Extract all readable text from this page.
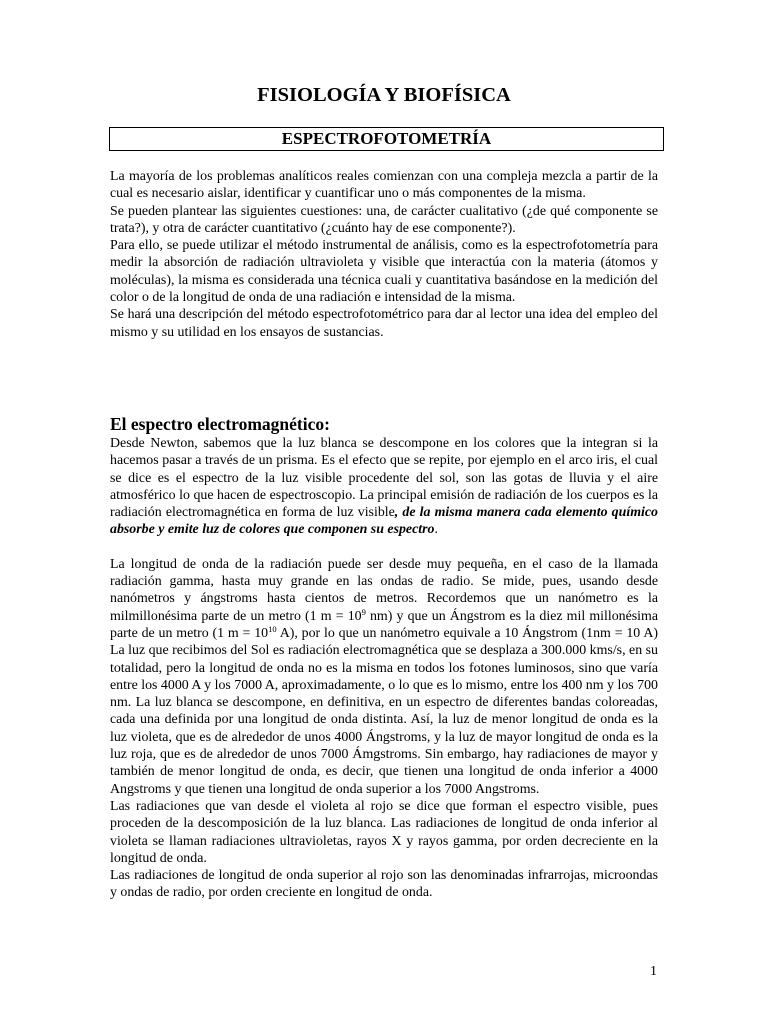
FISIOLOGÍA Y BIOFÍSICA
ESPECTROFOTOMETRÍA

La mayoría de los problemas analíticos reales comienzan con una compleja mezcla a partir de la cual es necesario aislar, identificar y cuantificar uno o más componentes de la misma.

Se pueden plantear las siguientes cuestiones: una, de carácter cualitativo (¿de qué componente se trata?), y otra de carácter cuantitativo (¿cuánto hay de ese componente?).

Para ello, se puede utilizar el método instrumental de análisis, como es la espectrofotometría para medir la absorción de radiación ultravioleta y visible que interactúa con la materia (átomos y moléculas), la misma es considerada una técnica cuali y cuantitativa basándose en la medición del color o de la longitud de onda de una radiación e intensidad de la misma.

Se hará una descripción del método espectrofotométrico para dar al lector una idea del empleo del mismo y su utilidad en los ensayos de sustancias.

El espectro electromagnético:

Desde Newton, sabemos que la luz blanca se descompone en los colores que la integran si la hacemos pasar a través de un prisma. Es el efecto que se repite, por ejemplo en el arco iris, el cual se dice es el espectro de la luz visible procedente del sol, son las gotas de lluvia y el aire atmosférico lo que hacen de espectroscopio. La principal emisión de radiación de los cuerpos es la radiación electromagnética en forma de luz visible, de la misma manera cada elemento químico absorbe y emite luz de colores que componen su espectro.

La longitud de onda de la radiación puede ser desde muy pequeña, en el caso de la llamada radiación gamma, hasta muy grande en las ondas de radio. Se mide, pues, usando desde nanómetros y ángstroms hasta cientos de metros. Recordemos que un nanómetro es la milmillonésima parte de un metro (1 $m = 10^9$ nm) y que un Ángstrom es la diez mil millonésima parte de un metro (1 $m = 10^{10}$ A), por lo que un nanómetro equivale a 10 Ángstrom (1nm = 10 A) La luz que recibimos del Sol es radiación electromagnética que se desplaza a 300.000 kms/s, en su totalidad, pero la longitud de onda no es la misma en todos los fotones luminosos, sino que varía entre los 4000 A y los 7000 A, aproximadamente, o lo que es lo mismo, entre los 400 nm y los 700 nm. La luz blanca se descompone, en definitiva, en un espectro de diferentes bandas coloreadas, cada una definida por una longitud de onda distinta. Así, la luz de menor longitud de onda es la luz violeta, que es de alrededor de unos 4000 Ángstroms, y la luz de mayor longitud de onda es la luz roja, que es de alrededor de unos 7000 Ámgstroms. Sin embargo, hay radiaciones de mayor y también de menor longitud de onda, es decir, que tienen una longitud de onda inferior a 4000 Angstroms y que tienen una longitud de onda superior a los 7000 Angstroms.

Las radiaciones que van desde el violeta al rojo se dice que forman el espectro visible, pues proceden de la descomposición de la luz blanca. Las radiaciones de longitud de onda inferior al violeta se llaman radiaciones ultravioletas, rayos X y rayos gamma, por orden decreciente en la longitud de onda.

Las radiaciones de longitud de onda superior al rojo son las denominadas infrarrojas, microondas y ondas de radio, por orden creciente en longitud de onda.

1
